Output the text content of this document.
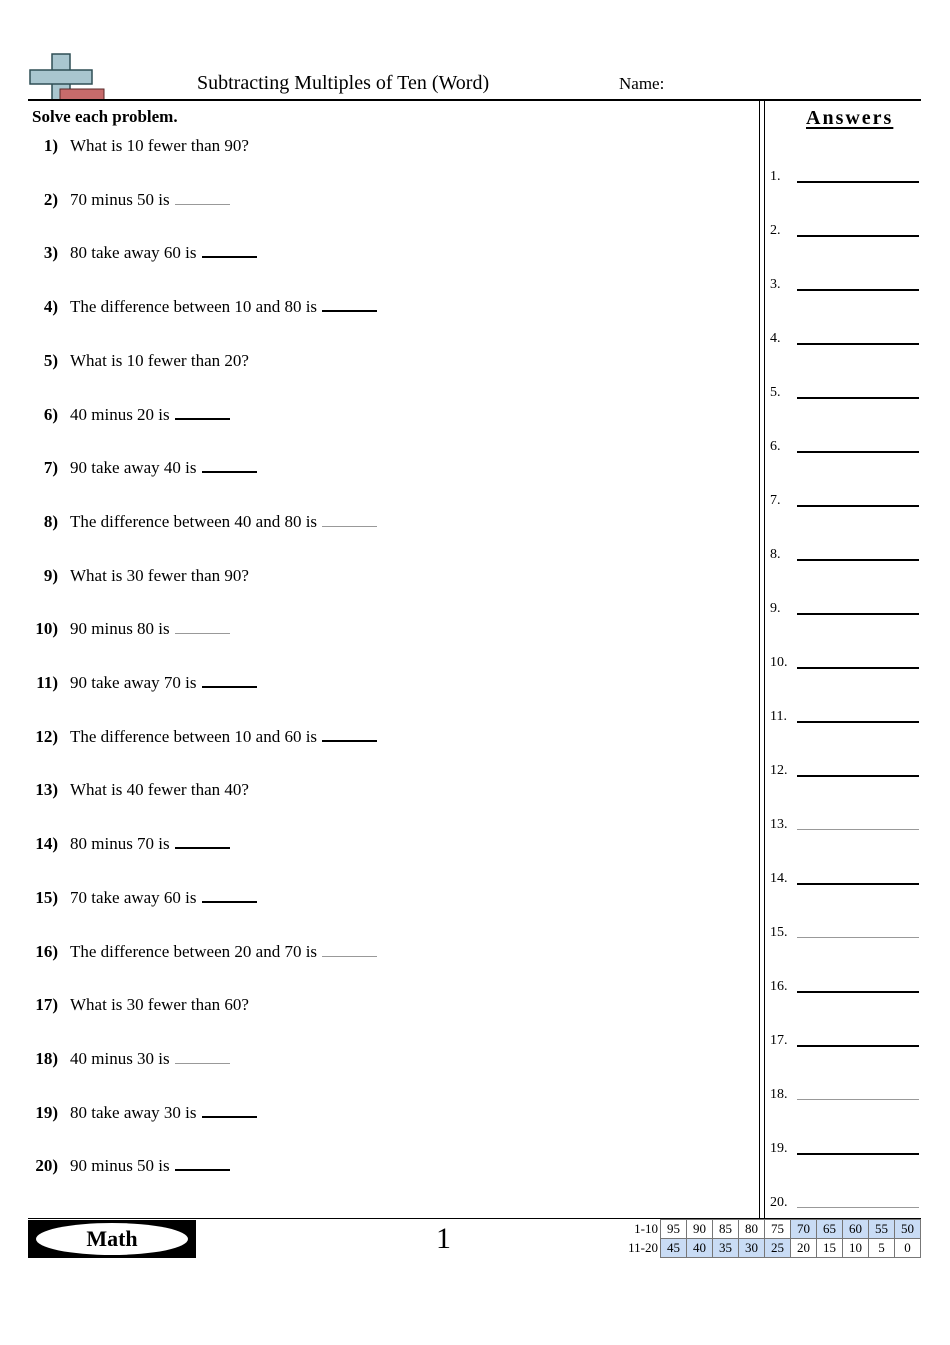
Subtracting Multiples of Ten (Word)	Name:
Solve each problem.
1) What is 10 fewer than 90?
2) 70 minus 50 is
3) 80 take away 60 is
4) The difference between 10 and 80 is
5) What is 10 fewer than 20?
6) 40 minus 20 is
7) 90 take away 40 is
8) The difference between 40 and 80 is
9) What is 30 fewer than 90?
10) 90 minus 80 is
11) 90 take away 70 is
12) The difference between 10 and 60 is
13) What is 40 fewer than 40?
14) 80 minus 70 is
15) 70 take away 60 is
16) The difference between 20 and 70 is
17) What is 30 fewer than 60?
18) 40 minus 30 is
19) 80 take away 30 is
20) 90 minus 50 is
Answers
1.
2.
3.
4.
5.
6.
7.
8.
9.
10.
11.
12.
13.
14.
15.
16.
17.
18.
19.
20.
Math	1	1-10	95	90	85	80	75	70	65	60	55	50
11-20	45	40	35	30	25	20	15	10	5	0
